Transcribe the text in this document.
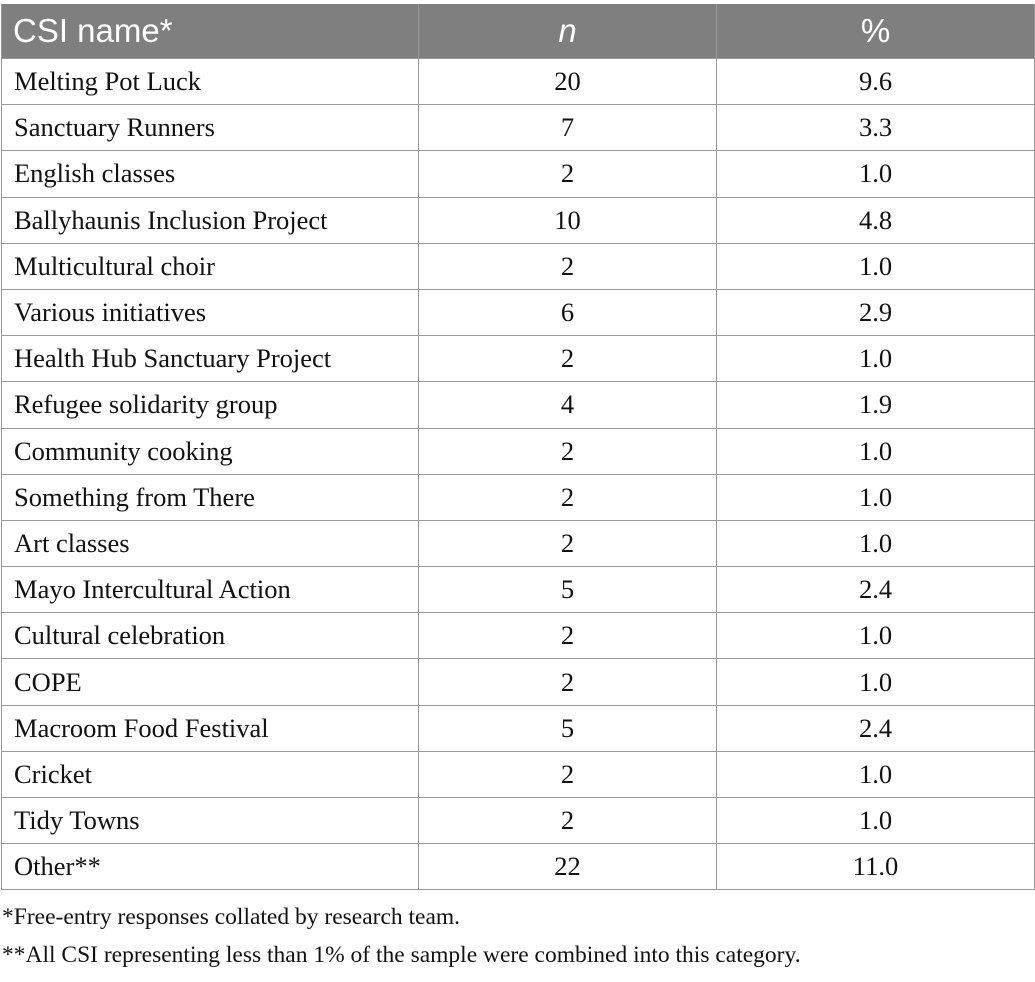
CSI name*	n	%
Melting Pot Luck	20	9.6
Sanctuary Runners	7	3.3
English classes	2	1.0
Ballyhaunis Inclusion Project	10	4.8
Multicultural choir	2	1.0
Various initiatives	6	2.9
Health Hub Sanctuary Project	2	1.0
Refugee solidarity group	4	1.9
Community cooking	2	1.0
Something from There	2	1.0
Art classes	2	1.0
Mayo Intercultural Action	5	2.4
Cultural celebration	2	1.0
COPE	2	1.0
Macroom Food Festival	5	2.4
Cricket	2	1.0
Tidy Towns	2	1.0
Other**	22	11.0

*Free-entry responses collated by research team.

**All CSI representing less than 1% of the sample were combined into this category.
